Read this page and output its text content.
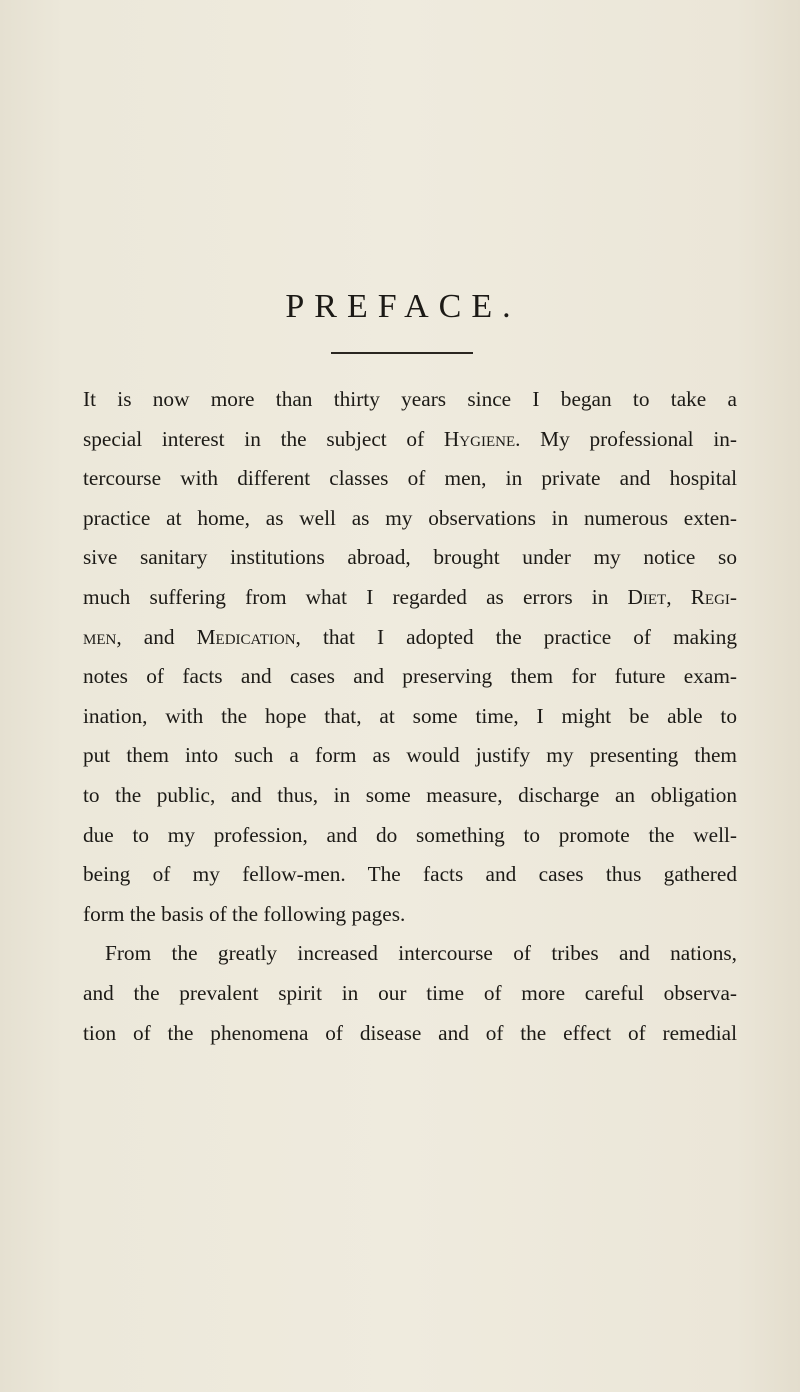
PREFACE.
It is now more than thirty years since I began to take a
special interest in the subject of Hygiene. My professional in-
tercourse with different classes of men, in private and hospital
practice at home, as well as my observations in numerous exten-
sive sanitary institutions abroad, brought under my notice so
much suffering from what I regarded as errors in Diet, Regi-
men, and Medication, that I adopted the practice of making
notes of facts and cases and preserving them for future exam-
ination, with the hope that, at some time, I might be able to
put them into such a form as would justify my presenting them
to the public, and thus, in some measure, discharge an obligation
due to my profession, and do something to promote the well-
being of my fellow-men. The facts and cases thus gathered
form the basis of the following pages.
From the greatly increased intercourse of tribes and nations,
and the prevalent spirit in our time of more careful observa-
tion of the phenomena of disease and of the effect of remedial
